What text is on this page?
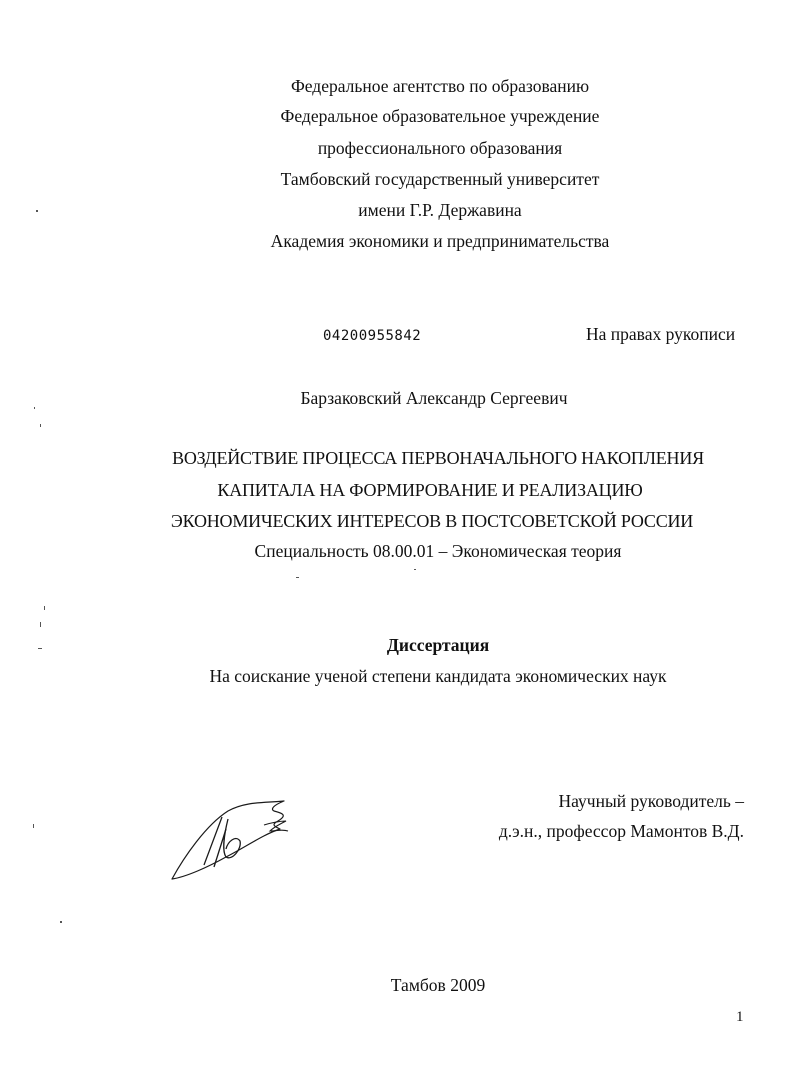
Федеральное агентство по образованию
Федеральное образовательное учреждение
профессионального образования
Тамбовский государственный университет
имени Г.Р. Державина
Академия экономики и предпринимательства
04200955842	На правах рукописи
Барзаковский Александр Сергеевич
ВОЗДЕЙСТВИЕ ПРОЦЕССА ПЕРВОНАЧАЛЬНОГО НАКОПЛЕНИЯ
КАПИТАЛА НА ФОРМИРОВАНИЕ И РЕАЛИЗАЦИЮ
ЭКОНОМИЧЕСКИХ ИНТЕРЕСОВ В ПОСТСОВЕТСКОЙ РОССИИ
Специальность 08.00.01 – Экономическая теория
Диссертация
На соискание ученой степени кандидата экономических наук
Научный руководитель –
д.э.н., профессор Мамонтов В.Д.
Тамбов 2009
1
